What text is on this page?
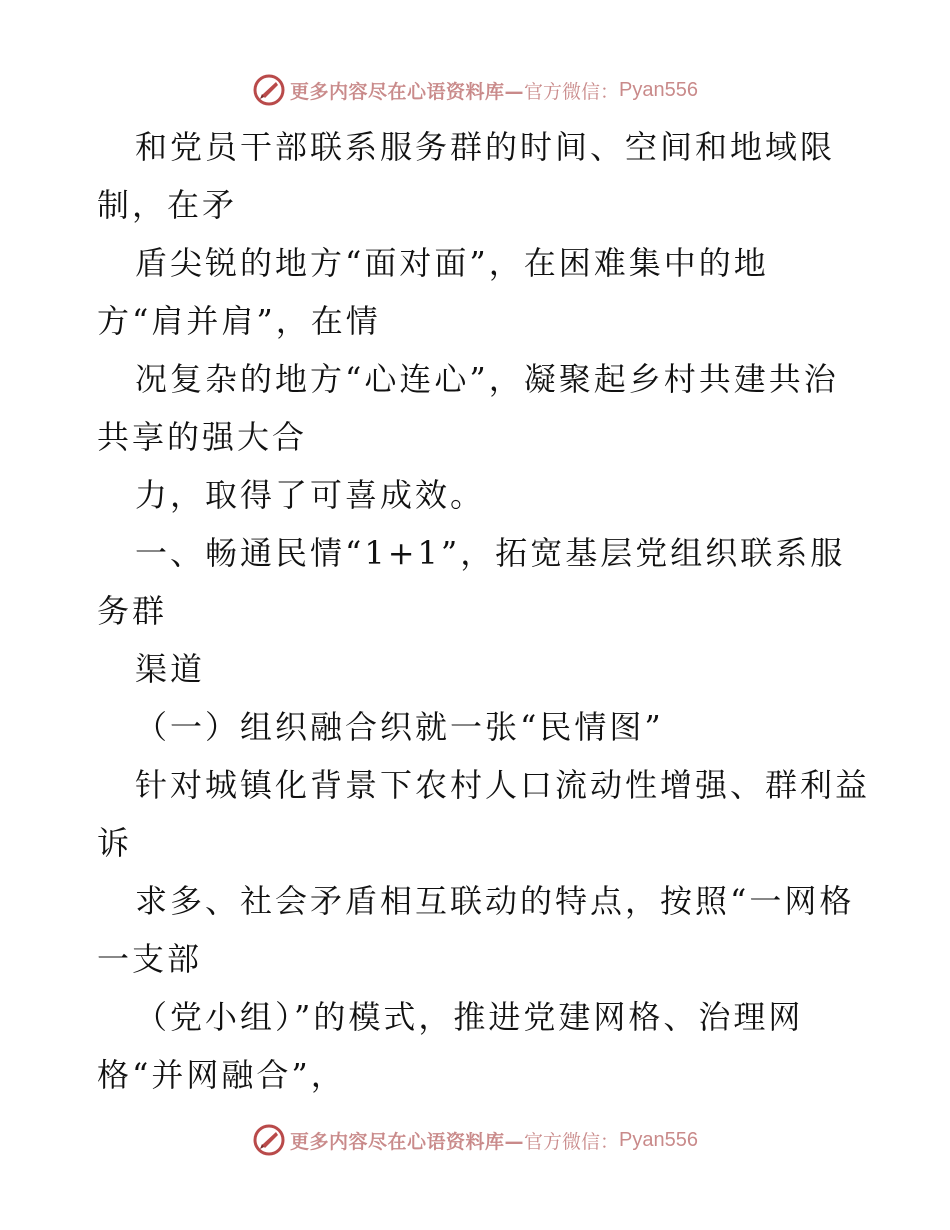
更多内容尽在心语资料库— 官方微信： Pyan556
和党员干部联系服务群的时间、空间和地域限
制，在矛
盾尖锐的地方“面对面”，在困难集中的地
方“肩并肩”，在情
况复杂的地方“心连心”，凝聚起乡村共建共治
共享的强大合
力，取得了可喜成效。
一、畅通民情“1+1”，拓宽基层党组织联系服
务群
渠道
（一）组织融合织就一张“民情图”
针对城镇化背景下农村人口流动性增强、群利益
诉
求多、社会矛盾相互联动的特点，按照“一网格
一支部
（党小组）”的模式，推进党建网格、治理网
格“并网融合”，
更多内容尽在心语资料库— 官方微信： Pyan556
